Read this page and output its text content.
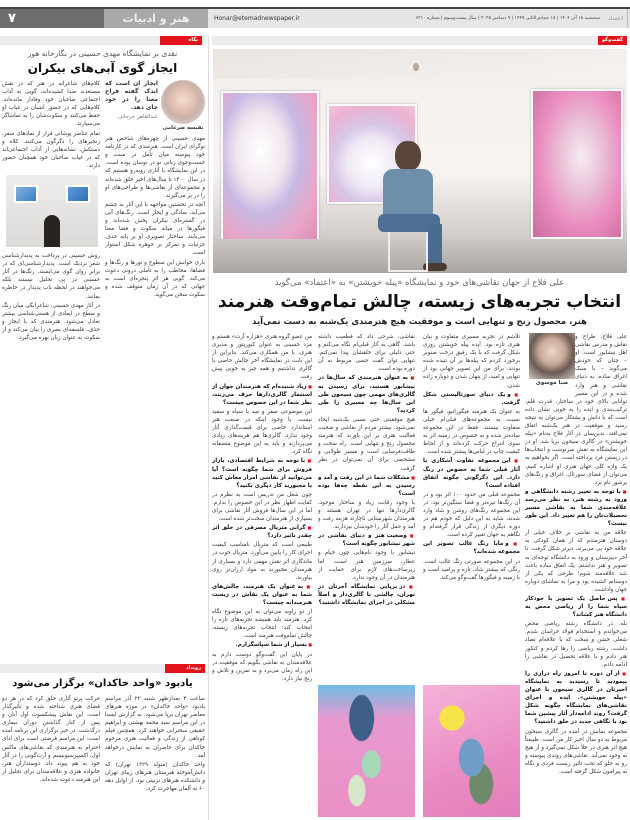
۷	هنر و ادبیات	Honar@etemadnewspaper.ir	سه‌شنبه ۱۸ آذر ۱۴۰۴ | ۱۸ جمادی‌الثانی ۱۴۴۷ | ۹ دسامبر ۲۰۲۵ | سال بیست‌وسوم | شماره ۶۲۱۰	اعتماد
گفت‌وگو
علی فلاح از جهان نقاشی‌های خود و نمایشگاه «پیله خویشتن» به «اعتماد» می‌گوید
انتخاب تجربه‌های زیسته، چالش تمام‌وقت هنرمند
هنر، محصول رنج و تنهایی است و موفقیت هیچ هنرمندی یک‌شبه به دست نمی‌آید
صبا موسوی

علی فلاح، طراح و نقاش و مدرس نقاشی اهل نیشابور است. او – چنان که خودش می‌گوید – با سبک اغراق ساده، به دنیای نقاشی و هنر وارد شده و در این مسیر توانایی بالای خود در ساختار، قدرت قلم، ترکیب‌بندی و ایده را به خوبی نشان داده است که با دانش و پشتکار می‌توان به نتیجه رسید و موفقیت در هنر یک‌شبه اتفاق نمی‌افتد. بدین‌سان در آثار فلاح به‌نام «پیله خویشتن» در گالری سیحون برپا شد. او در این نمایشگاه به نقش سرنوشت و انتخاب‌ها در زیستن فرد پرداخته است. اگر بخواهیم به یک واژه کلی جهان هنری او اشاره کنیم، می‌توان از فضای سورئال، اغراق و رنگ‌های پرشور نام برد.

■ با توجه به تغییر رشته دانشگاهی و ورود به رشته هنر، به نظر می‌رسد علاقه‌مندی شما به نقاشی مسیر تحصیلات‌تان را هم تغییر داد. این طور نیست؟

علاقه من به نقاشی بر خلاف خیلی از دوستان هنرمندم که از همان کودکی به علاقه خود پی می‌برند، دیرتر شکل گرفت. تا آخر دبیرستان و ورود به دانشگاه توجه‌ای به تصویر و هنر نداشتم. یک اتفاق ساده باعث شد علاقه‌مند شوم؛ طرحی که یکی از دوستانم کشیده بود و مرا به تماشای دوباره جهان واداشت.

■ پس حاصل یک تصویر با خودکار سیاه شما را از ریاضی محض به دانشگاه هنر کشاند؟

بله. در دانشگاه رشته ریاضی محض می‌خواندم و استخدام فولاد خراسان شدم. شغلی خشن و سخت که با علاقه‌ام تضاد داشت. رشته ریاضی را رها کردم و کنکور هنر دادم و با علاقه تحصیل در نقاشی را ادامه دادم.

■ از آن دوره تا امروز راه درازی را پیمودید تا رسیدید به نمایشگاه اخیرتان در گالری سیحون با عنوان «پیله خویشتن». ایده و اجرای نقاشی‌های نمایشگاه چگونه شکل گرفت؟ روند ادامه‌دار آثار پیشین شما بود یا نگاهی جدید در خلق داشتید؟

مجموعه نمایش در آمده در گالری سیحون مربوط به دو سال اخیر کار من است. طبیعتاً هیچ اثر هنری در خلأ شکل نمی‌گیرد و از هیچ به وجود نمی‌آید. نقاشی‌های روندی پیوسته و رو به جلو که تحت تاثیر زیست فردی و نگاه به پیرامون شکل گرفته است.

تلاشم در تجربه مسیری متفاوت و بیان هنری تازه بود. ایده پیله خویشتن روزی شکل گرفت که با یک رفیق درخت صنوبر برخورد کردم که پیله‌ها بر آن تنیده شده بودند. برای من این تصویر جهانی بود از تنهایی و امید، از پنهان شدن و دوباره زاده شدن.

■ و یک دنیای سورئالیستی شکل گرفت.

به عنوان یک هنرمند فیگوراتیو، فیگور ها نسبت به مجموعه‌های قبلی‌ام خیلی متفاوت نیستند. فقط در این مجموعه ساده‌تر شده و به خصوص در زمینه اثر به سوی انتزاع حرکت کرده‌اند و از لحاظ کیفیت چاپ در لباس‌ها بیشتر شده است.

■ این مجموعه تفاوت آشکاری با آثار قبلی شما به خصوص در رنگ دارد. این دگرگونی چگونه اتفاق افتاده است؟

مجموعه قبلی من حدود ۱۰۰ اثر بود و در آن رنگ‌ها تیره‌تر و فضا سنگین‌تر بود. در این مجموعه رنگ‌های روشن و شاد وارد شدند، شاید به این دلیل که خودم هم در دوره دیگری از زندگی قرار گرفته‌ام و نگاهم به جهان تغییر کرده است.

■ و مایا رنگ غالب تصویر این مجموعه شده‌اند؟

در این مجموعه صورتی رنگ غالب است. رنگی که بیشتر شاد، تازه و پرامید است و با زمینه و فیگورها گفت‌وگو می‌کند.

نقاشی، شرحی داد که قطعیت داشته باشد. گاهی به آثار قبلی‌ام نگاه می‌کنم و حتی دلیلی برای خلقشان پیدا نمی‌کنم. تنهایی توان گفت حسی مربوط به آن دوره بوده است.

■ به عنوان هنرمندی که سال‌ها در نیشابور هستید، برای رسیدن به گالری‌های مهمی چون سیحون طی این سال‌ها چه مسیری را طی کردید؟

هیچ موفقیتی حتی نسبی یک‌شبه ایجاد نمی‌شود. بیشتر مردم از نقاشی و صحبت فعالیت هنری بر این باورند که هنرمند محصول رنج و تنهایی است. راه سخت و طاقت‌فرسایی است و مسیر طولانی و مشخصی برای آن نمی‌توان در نظر گرفت.

■ مشکلات شما در این رفت و آمد و رسیدن به این نقطه چه‌ها بوده است؟

با وجود رقابت زیاد و ساختار موجود، گالری‌دارها تنها در تهران هستند و هنرمندان شهرستانی ناچارند هزینه رفت و آمد و حمل آثار را خودشان بپردازند.

■ وضعیت هنر و دنیای نقاشی در شهر نیشابور چگونه است؟

نیشابور با وجود نام‌هایی چون خیام و عطار، سرزمین هنر است، اما زیرساخت‌های لازم برای حمایت از هنرمندان در آن وجود ندارد.

■ در برپایی نمایشگاه آخرتان در تهران، چالشی با گالری‌دار و اصلاً مشکلی در اجرای نمایشگاه داشتید؟

من عضو گروه هنری «هزاره آرت» هستم و مزد حسینی به عنوان کیوریتور و مدیری هنری، با من همکاری می‌کند. بنابراین از این بابت در نمایشگاه آخر چالش خاصی با گالری نداشتیم و همه چیز به خوبی پیش رفت.

■ زیاد شنیده‌ام که هنرمندان جوان از استثمار گالری‌دارها حرف می‌زنند، نظر شما در این خصوص چیست؟

این موضوعی صفر و صد یا سیاه و سفید نیست. با وجود اینکه در صنعت هنر استاندارد خاصی برای قیمت‌گذاری آثار وجود ندارد، گالری‌ها هم هزینه‌های زیادی می‌پردازند و باید به این موضوع منصفانه نگاه کرد.

■ با توجه به شرایط اقتصادی، بازار فروش برای شما چگونه است؟ آیا می‌توانید از نقاشی امرار معاش کنید یا مجبورید کار دیگری بکنید؟

چون شغل من تدریس است به نظرم در کفایت اظهار نظر در این خصوص را ندارم. اما در این سال‌ها فروش آثار نقاشی برای بسیاری از هنرمندان سخت‌تر شده است.

■ گرانی متریال مصرفی در خلق اثر چقدر تاثیر دارد؟

طبیعی است که متریال نامناسب کیفیت اجرای کار را پایین می‌آورد. متریال خوب در ماندگاری اثر نقش مهمی دارد و بسیاری از هنرمندان مجبورند به مواد ارزان‌تر روی بیاورند.

■ به عنوان یک هنرمند، چالش‌های شما به عنوان یک نقاش در زیست هنرمندانه چیست؟

از دو زاویه می‌توان به این موضوع نگاه کرد. هنرمند باید همیشه تجربه‌های تازه را انتخاب کند؛ انتخاب تجربه‌های زیسته، چالش تمام‌وقت هنرمند است.

■ بسیار از شما سپاسگزارم.

در پایان این گفت‌وگو دوست دارم به علاقه‌مندان به نقاشی بگویم که موفقیت در این راه زمان می‌برد و به تمرین و تلاش و رنج نیاز دارد.

نگاه
نقدی بر نمایشگاه مهدی حسینی در نگارخانه هور
ایجاز گوی آبی‌های بیکران
نفیسه ضرغامی

ایجاز آن است که اندک گفته فراخ معنا را در خود جای دهد.

عبدالقاهر جرجانی

مهدی حسینی از چهره‌های شاخص هنر نوگرای ایران است. هنرمندی که در کارنامه خود پیوسته میان تأمل در سنت و جست‌وجوی زبانی نو در نوسان بوده است. در این نمایشگاه با آثاری روبه‌رو هستیم که در سال ۱۴۰۰ تا سال‌های اخیر خلق شده‌اند و مجموعه‌ای از نقاشی‌ها و طراحی‌های او را در بر می‌گیرند.

آنچه در نخستین مواجهه با این آثار به چشم می‌آید، سادگی و ایجاز است. رنگ‌های آبی در گستره‌ای بیکران پخش شده‌اند و فیگورها در میانه سکوت و فضا معنا می‌یابند. ساختار تصویری او بر پایه حذف جزئیات و تمرکز بر جوهره شکل استوار است.

باری خوانش این سطوح و نور‌ها و رنگ‌ها و فضاها، مخاطب را به تأملی درونی دعوت می‌کند. گویی هر اثر پنجره‌ای است به جهانی که در آن زمان متوقف شده و سکوت سخن می‌گوید.

کلام‌های شاعرانه در هنر که در نقش مستعدند صدا کشیده‌اند، گویی به آداب اجتماعی صاحبان خود وفادار مانده‌اند. کلام‌هایی که در حضور انسان در غیاب او حفظ می‌کنند و سکوت‌شان را به تماشاگر می‌سپارند.

تمام عناصر پوشانی قرار از نمادهای سفر، زنجیرهای را دگرگون می‌کنند. کلاه و دستکش، نشانه‌هایی از آداب اجتماعی‌اند که در غیاب صاحبان خود همچنان حضور دارند.

روش حسینی در پرداخت به پدیدارشناسی شعر نزدیک است. پدیدارشناسی‌ای که در برابر روان گوی می‌ایستد. رنگ‌ها در آثار حسینی در پی تحلیل نیستند بلکه می‌خواهند در لحظه ناب پدیدار در خاطره بمانند.

در آثار مهدی حسینی، شاعرانگی میان رنگ و سطح در ابعادی از هستی‌شناسی بیشتر تعادل می‌شود. هنرمندی که با ایجاز و حذف، فلسفه‌ای بصری را بیان می‌کند و از سکوت به عنوان زبان بهره می‌گیرد.

رویداد
یادبود «واحد خاکدان» برگزار می‌شود

ساعت ۴ بعدازظهر شنبه ۲۲ آذر مراسم یادبود «واحد خاکدان» در موزه هنرهای معاصر تهران برپا می‌شود. به گزارش ایسنا در این مراسم سید محمد بهشتی و ابراهیم حقیقی سخنرانی خواهند کرد. همچنین فیلم کوتاهی از زندگی و فعالیت هنری مرحوم خاکدان برای حاضران به نمایش درخواهد آمد.

واحد خاکدان (متولد ۱۳۲۹ تهران) که دانش‌آموخته هنرستان هنرهای زیبای تهران و دانشکده هنرهای تزیینی بود، از اوایل دهه ۶۰ به آلمان مهاجرت کرد.

حرکت پرتو آثاری خلق کرد که در هر دو فضای هنری شناخته شده و تأثیرگذار است. این نقاش پیشکسوت اول آبان و پس از کنار گذاشتن دوران بیماری درگذشت. در خبر برگزاری این برنامه آمده است: این مراسم فرصتی است برای ادای احترام به هنرمندی که نقاشی‌های ماکس اول، اکسپرسیونیسم و آرت‌گونی را در آثار خود به هم پیوند داد. دوستداران هنر، خانواده هنری و علاقه‌مندان برای تجلیل از این هنرمند دعوت شده‌اند.
